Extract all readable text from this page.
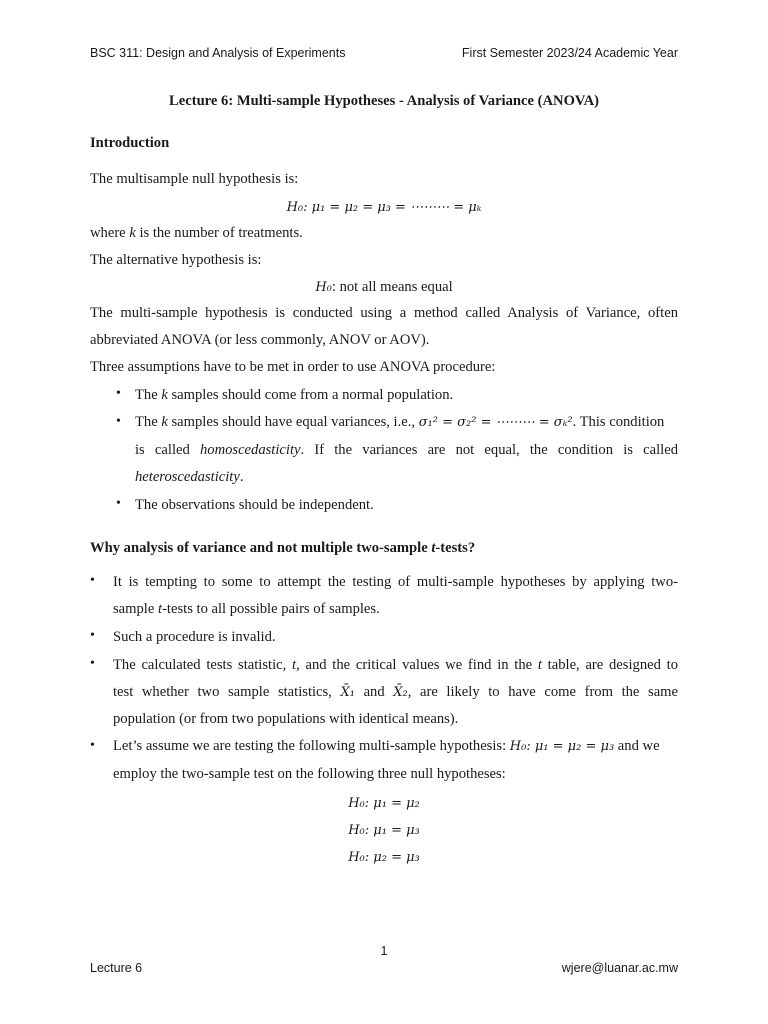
BSC 311: Design and Analysis of Experiments	First Semester 2023/24 Academic Year
Lecture 6: Multi-sample Hypotheses - Analysis of Variance (ANOVA)
Introduction
The multisample null hypothesis is:
H₀: μ₁ = μ₂ = μ₃ = ⋯⋯⋯ = μₖ
where k is the number of treatments.
The alternative hypothesis is:
H₀: not all means equal
The multi-sample hypothesis is conducted using a method called Analysis of Variance, often
abbreviated ANOVA (or less commonly, ANOV or AOV).
Three assumptions have to be met in order to use ANOVA procedure:
• The k samples should come from a normal population.
• The k samples should have equal variances, i.e., σ₁² = σ₂² = ⋯⋯⋯ = σₖ². This condition
is called homoscedasticity. If the variances are not equal, the condition is called
heteroscedasticity.
• The observations should be independent.
Why analysis of variance and not multiple two-sample t-tests?
• It is tempting to some to attempt the testing of multi-sample hypotheses by applying two-
sample t-tests to all possible pairs of samples.
• Such a procedure is invalid.
• The calculated tests statistic, t, and the critical values we find in the t table, are designed to
test whether two sample statistics, X̄₁ and X̄₂, are likely to have come from the same
population (or from two populations with identical means).
• Let’s assume we are testing the following multi-sample hypothesis: H₀: μ₁ = μ₂ = μ₃ and we
employ the two-sample test on the following three null hypotheses:
H₀: μ₁ = μ₂
H₀: μ₁ = μ₃
H₀: μ₂ = μ₃
1
Lecture 6	wjere@luanar.ac.mw
